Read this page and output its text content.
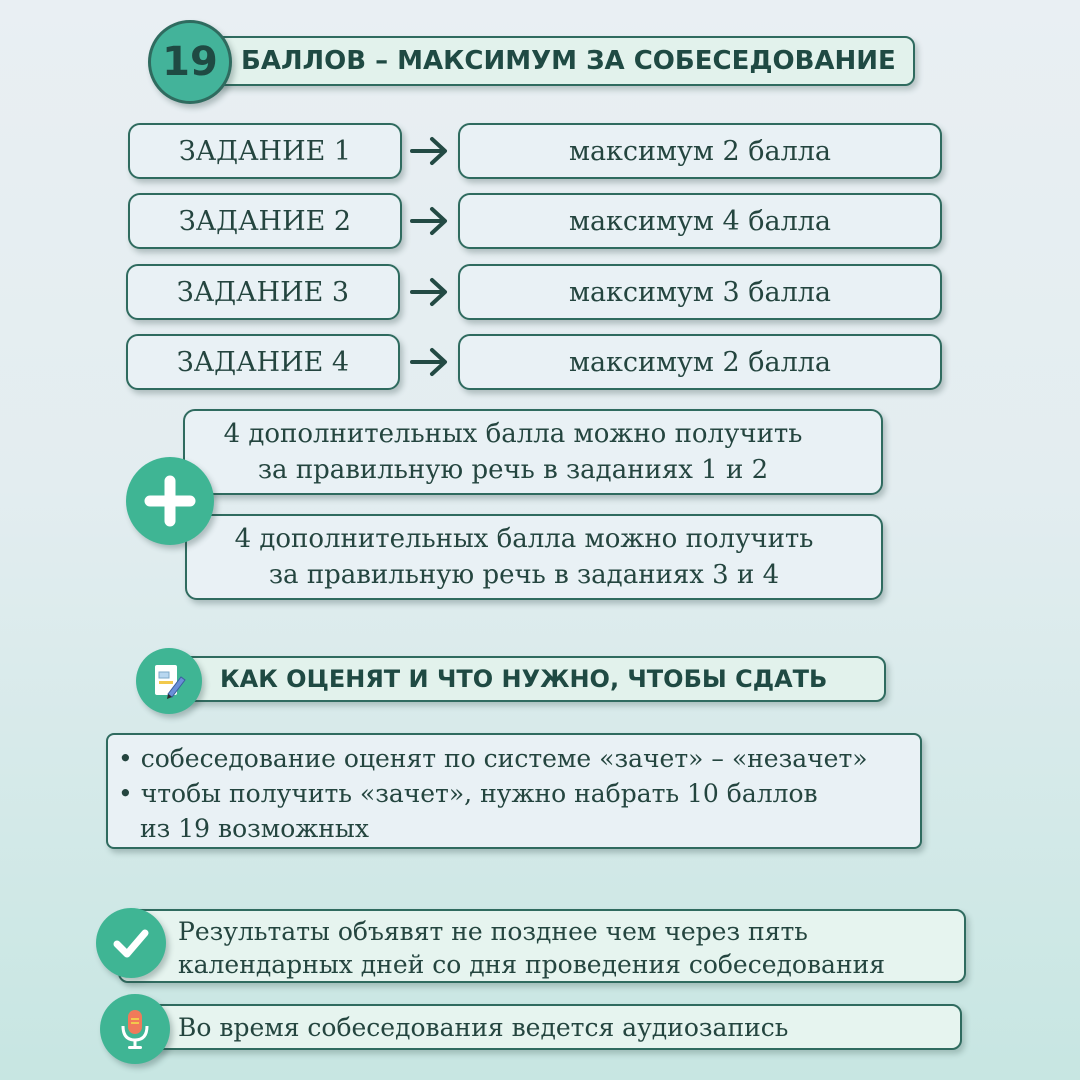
БАЛЛОВ – МАКСИМУМ ЗА СОБЕСЕДОВАНИЕ
19
ЗАДАНИЕ 1	максимум 2 балла
ЗАДАНИЕ 2	максимум 4 балла
ЗАДАНИЕ 3	максимум 3 балла
ЗАДАНИЕ 4	максимум 2 балла
4 дополнительных балла можно получить
за правильную речь в заданиях 1 и 2
4 дополнительных балла можно получить
за правильную речь в заданиях 3 и 4
КАК ОЦЕНЯТ И ЧТО НУЖНО, ЧТОБЫ СДАТЬ
• собеседование оценят по системе «зачет» – «незачет»
• чтобы получить «зачет», нужно набрать 10 баллов
из 19 возможных
Результаты объявят не позднее чем через пять
календарных дней со дня проведения собеседования
Во время собеседования ведется аудиозапись
